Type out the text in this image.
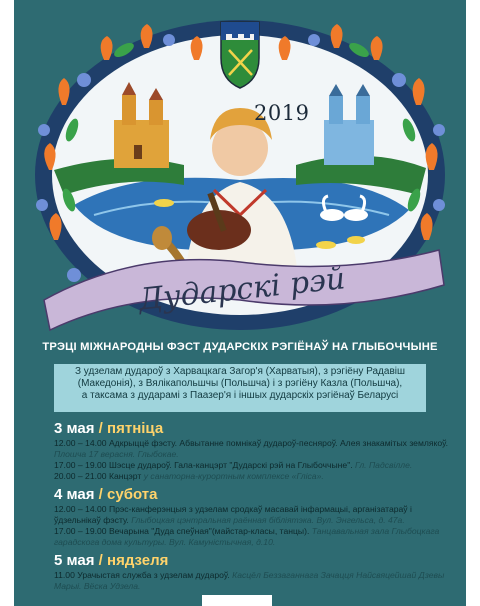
2019
Дударскі рэй
ТРЭЦІ МІЖНАРОДНЫ ФЭСТ ДУДАРСКІХ РЭГІЁНАЎ НА ГЛЫБОЧЧЫНЕ
З удзелам дудароў з Харвацкага Загор'я (Харватыя), з рэгіёну Радавіш
(Македонія), з Вялікапольшчы (Польшча) і з рэгіёну Казла (Польшча),
а таксама з дударамі з Паазер'я і іншых дударскіх рэгіёнаў Беларусі
3 мая / пятніца
12.00 – 14.00 Адкрыццё фэсту. Абвытанне помнікаў дудароў-песняроў. Алея знакамітых землякоў. Плошча 17 верасня. Глыбокае.
17.00 – 19.00 Шэсце дудароў. Гала-канцэрт "Дударскі рэй на Глыбоччыне". Гл. Падсвілле.
20.00 – 21.00 Канцэрт у санаторна-курортным комплексе «Гліса».
4 мая / субота
12.00 – 14.00 Прэс-канферэнцыя з удзелам сродкаў масавай інфармацыі, арганізатараў і ўдзельнікаў фэсту. Глыбоцкая цэнтральная раённая бібліятэка. Вул. Энгельса, д. 47а.
17.00 – 19.00 Вечарына "Дуда спеўная"(майстар-класы, танцы). Танцавальная зала Глыбоцкага гарадскога дома культуры. Вул. Камуністычная, д.10.
5 мая / нядзеля
11.00 Урачыстая служба з удзелам дудароў. Касцёл Беззаганнага Зачацця Найсвяцейшай Дзевы Марыі. Вёска Удзела.
